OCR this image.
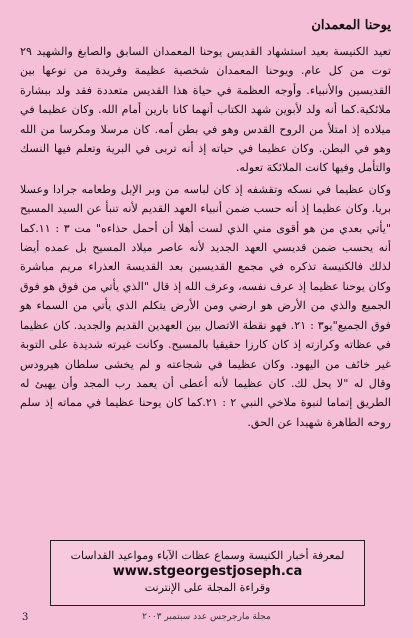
يوحنا المعمدان

تعيد الكنيسة بعيد استشهاد القديس يوحنا المعمدان السابق والصابغ والشهيد ٢٩ توت من كل عام. ويوحنا المعمدان شخصية عظيمة وفريدة من نوعها بين القديسين والأنبياء. وأوجه العظمة في حياة هذا القديس متعددة فقد ولد ببشارة ملائكية.كما أنه ولد لأبوين شهد الكتاب أنهما كانا بارين أمام الله. وكان عظيما في ميلاده إذ امتلأ من الروح القدس وهو في بطن أمه. كان مرسلا ومكرسا من الله وهو في البطن. وكان عظيما في حياته إذ أنه تربى في البرية وتعلم فيها النسك والتأمل وفيها كانت الملائكة تعوله.

وكان عظيما في نسكه وتقشفه إذ كان لباسه من وبر الإبل وطعامه جرادا وعسلا بريا. وكان عظيما إذ أنه حسب ضمن أنبياء العهد القديم لأنه تنبأ عن السيد المسيح "يأتي بعدي من هو أقوى مني الذي لست أهلا أن أحمل حذاءه" مت ٣ : ١١.كما أنه يحسب ضمن قديسي العهد الجديد لأنه عاصر ميلاد المسيح بل عمده أيضا لذلك فالكنيسة تذكره في مجمع القديسين بعد القديسة العذراء مريم مباشرة وكان يوحنا عظيما إذ عرف نفسه، وعرف الله إذ قال "الذي يأتي من فوق هو فوق الجميع والذي من الأرض هو ارضي ومن الأرض يتكلم الذي يأتي من السماء هو فوق الجميع"يو٣ : ٢١. فهو نقطة الاتصال بين العهدين القديم والجديد. كان عظيما في عظاته وكرازته إذ كان كارزا حقيقيا بالمسيح. وكانت غيرته شديدة على التوبة غير خائف من اليهود. وكان عظيما في شجاعته و لم يخشى سلطان هيرودس وقال له "لا يحل لك. كان عظيما لأنه أعطى أن يعمد رب المجد وأن يهيئ له الطريق إتماما لنبوة ملاخي النبي ٢ : ٢١.كما كان يوحنا عظيما في مماته إذ سلم روحه الطاهرة شهيدا عن الحق.

لمعرفة أخبار الكنيسة وسماع عظات الآباء ومواعيد القداسات
www.stgeorgestjoseph.ca
وقراءة المجلة على الإنترنت
مجلة مارجرجس عدد سبتمبر ٢٠٠٣
3
